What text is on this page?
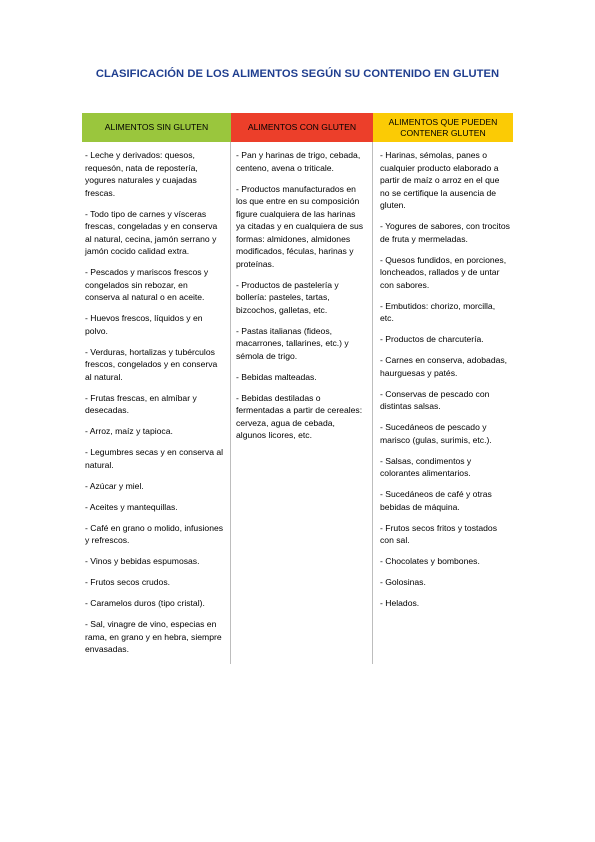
CLASIFICACIÓN DE LOS ALIMENTOS SEGÚN SU CONTENIDO EN GLUTEN
ALIMENTOS SIN GLUTEN	ALIMENTOS CON GLUTEN
ALIMENTOS QUE PUEDEN CONTENER GLUTEN

- Leche y derivados: quesos, requesón, nata de repostería, yogures naturales y cuajadas frescas.

- Todo tipo de carnes y vísceras frescas, congeladas y en conserva al natural, cecina, jamón serrano y jamón cocido calidad extra.

- Pescados y mariscos frescos y congelados sin rebozar, en conserva al natural o en aceite.

- Huevos frescos, líquidos y en polvo.

- Verduras, hortalizas y tubérculos frescos, congelados y en conserva al natural.

- Frutas frescas, en almíbar y desecadas.

- Arroz, maíz y tapioca.

- Legumbres secas y en conserva al natural.

- Azúcar y miel.

- Aceites y mantequillas.

- Café en grano o molido, infusiones y refrescos.

- Vinos y bebidas espumosas.

- Frutos secos crudos.

- Caramelos duros (tipo cristal).

- Sal, vinagre de vino, especias en rama, en grano y en hebra, siempre envasadas.

- Pan y harinas de trigo, cebada, centeno, avena o triticale.

- Productos manufacturados en los que entre en su composición figure cualquiera de las harinas ya citadas y en cualquiera de sus formas: almidones, almidones modificados, féculas, harinas y proteínas.

- Productos de pastelería y bollería: pasteles, tartas, bizcochos, galletas, etc.

- Pastas italianas (fideos, macarrones, tallarines, etc.) y sémola de trigo.

- Bebidas malteadas.

- Bebidas destiladas o fermentadas a partir de cereales: cerveza, agua de cebada, algunos licores, etc.

- Harinas, sémolas, panes o cualquier producto elaborado a partir de maíz o arroz en el que no se certifique la ausencia de gluten.

- Yogures de sabores, con trocitos de fruta y mermeladas.

- Quesos fundidos, en porciones, loncheados, rallados y de untar con sabores.

- Embutidos: chorizo, morcilla, etc.

- Productos de charcutería.

- Carnes en conserva, adobadas, haurguesas y patés.

- Conservas de pescado con distintas salsas.

- Sucedáneos de pescado y marisco (gulas, surimis, etc.).

- Salsas, condimentos y colorantes alimentarios.

- Sucedáneos de café y otras bebidas de máquina.

- Frutos secos fritos y tostados con sal.

- Chocolates y bombones.

- Golosinas.

- Helados.
